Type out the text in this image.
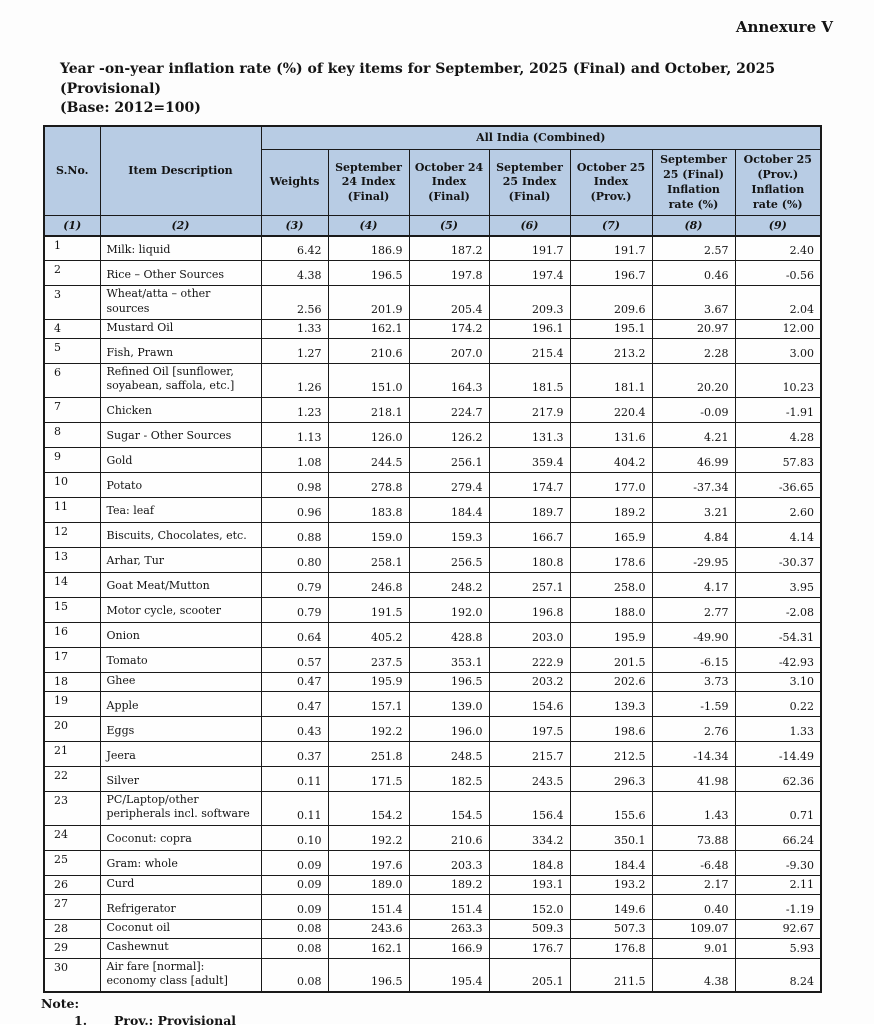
Annexure V
Year -on-year inflation rate (%) of key items for September, 2025 (Final) and October, 2025 (Provisional)
(Base: 2012=100)
S.No.	Item Description	All India (Combined)						
		Weights	September 24 Index (Final)	October 24 Index (Final)	September 25 Index (Final)	October 25 Index (Prov.)	September 25 (Final) Inflation rate (%)	October 25 (Prov.) Inflation rate (%)
(1)	(2)	(3)	(4)	(5)	(6)	(7)	(8)	(9)
1	Milk: liquid	6.42	186.9	187.2	191.7	191.7	2.57	2.40
2	Rice – Other Sources	4.38	196.5	197.8	197.4	196.7	0.46	-0.56
3	Wheat/atta – other sources	2.56	201.9	205.4	209.3	209.6	3.67	2.04
4	Mustard Oil	1.33	162.1	174.2	196.1	195.1	20.97	12.00
5	Fish, Prawn	1.27	210.6	207.0	215.4	213.2	2.28	3.00
6	Refined Oil [sunflower, soyabean, saffola, etc.]	1.26	151.0	164.3	181.5	181.1	20.20	10.23
7	Chicken	1.23	218.1	224.7	217.9	220.4	-0.09	-1.91
8	Sugar - Other Sources	1.13	126.0	126.2	131.3	131.6	4.21	4.28
9	Gold	1.08	244.5	256.1	359.4	404.2	46.99	57.83
10	Potato	0.98	278.8	279.4	174.7	177.0	-37.34	-36.65
11	Tea: leaf	0.96	183.8	184.4	189.7	189.2	3.21	2.60
12	Biscuits, Chocolates, etc.	0.88	159.0	159.3	166.7	165.9	4.84	4.14
13	Arhar, Tur	0.80	258.1	256.5	180.8	178.6	-29.95	-30.37
14	Goat Meat/Mutton	0.79	246.8	248.2	257.1	258.0	4.17	3.95
15	Motor cycle, scooter	0.79	191.5	192.0	196.8	188.0	2.77	-2.08
16	Onion	0.64	405.2	428.8	203.0	195.9	-49.90	-54.31
17	Tomato	0.57	237.5	353.1	222.9	201.5	-6.15	-42.93
18	Ghee	0.47	195.9	196.5	203.2	202.6	3.73	3.10
19	Apple	0.47	157.1	139.0	154.6	139.3	-1.59	0.22
20	Eggs	0.43	192.2	196.0	197.5	198.6	2.76	1.33
21	Jeera	0.37	251.8	248.5	215.7	212.5	-14.34	-14.49
22	Silver	0.11	171.5	182.5	243.5	296.3	41.98	62.36
23	PC/Laptop/other peripherals incl. software	0.11	154.2	154.5	156.4	155.6	1.43	0.71
24	Coconut: copra	0.10	192.2	210.6	334.2	350.1	73.88	66.24
25	Gram: whole	0.09	197.6	203.3	184.8	184.4	-6.48	-9.30
26	Curd	0.09	189.0	189.2	193.1	193.2	2.17	2.11
27	Refrigerator	0.09	151.4	151.4	152.0	149.6	0.40	-1.19
28	Coconut oil	0.08	243.6	263.3	509.3	507.3	109.07	92.67
29	Cashewnut	0.08	162.1	166.9	176.7	176.8	9.01	5.93
30	Air fare [normal]: economy class [adult]	0.08	196.5	195.4	205.1	211.5	4.38	8.24
Note:
1.	Prov.: Provisional
